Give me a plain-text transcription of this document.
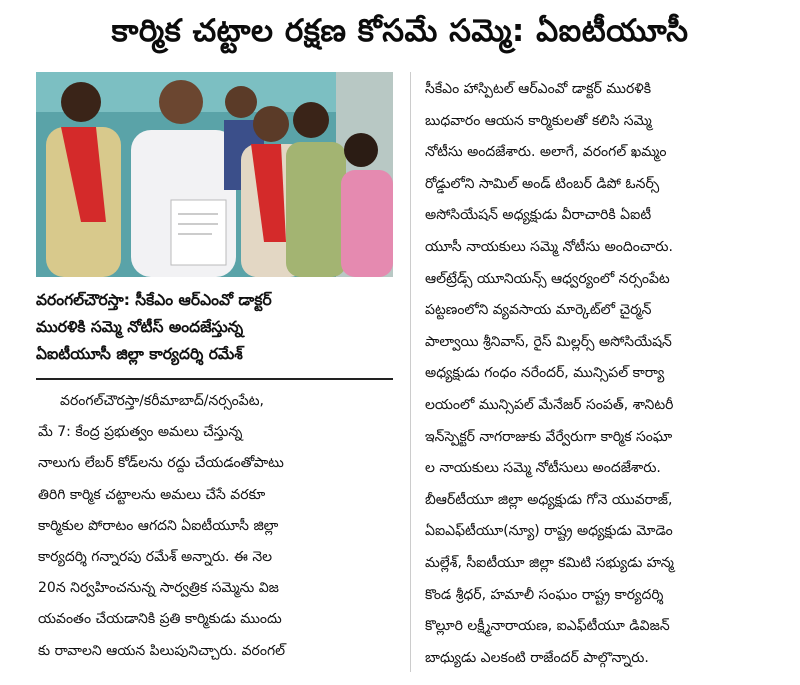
కార్మిక చట్టాల రక్షణ కోసమే సమ్మె: ఏఐటీయూసీ
వరంగల్‌చౌరస్తా: సీకేఎం ఆర్‌ఎంవో డాక్టర్
మురళికి సమ్మె నోటీస్ అందజేస్తున్న
ఏఐటీయూసీ జిల్లా కార్యదర్శి రమేశ్
వరంగల్‌చౌరస్తా/కరీమాబాద్/నర్సంపేట,
మే 7: కేంద్ర ప్రభుత్వం అమలు చేస్తున్న
నాలుగు లేబర్ కోడ్‌లను రద్దు చేయడంతోపాటు
తిరిగి కార్మిక చట్టాలను అమలు చేసే వరకూ
కార్మికుల పోరాటం ఆగదని ఏఐటీయూసీ జిల్లా
కార్యదర్శి గన్నారపు రమేశ్ అన్నారు. ఈ నెల
20న నిర్వహించనున్న సార్వత్రిక సమ్మెను విజ
యవంతం చేయడానికి ప్రతి కార్మికుడు ముందు
కు రావాలని ఆయన పిలుపునిచ్చారు. వరంగల్
సీకేఎం హాస్పిటల్ ఆర్‌ఎంవో డాక్టర్ మురళికి
బుధవారం ఆయన కార్మికులతో కలిసి సమ్మె
నోటీసు అందజేశారు. అలాగే, వరంగల్ ఖమ్మం
రోడ్డులోని సామిల్ అండ్ టింబర్ డిపో ఓనర్స్
అసోసియేషన్ అధ్యక్షుడు వీరాచారికి ఏఐటీ
యూసీ నాయకులు సమ్మె నోటీసు అందించారు.
ఆల్‌ట్రేడ్స్ యూనియన్స్ ఆధ్వర్యంలో నర్సంపేట
పట్టణంలోని వ్యవసాయ మార్కెట్‌లో చైర్మన్
పాల్వాయి శ్రీనివాస్, రైస్ మిల్లర్స్ అసోసియేషన్
అధ్యక్షుడు గంధం నరేందర్, మున్సిపల్ కార్యా
లయంలో మున్సిపల్ మేనేజర్ సంపత్, శానిటరీ
ఇన్‌స్పెక్టర్ నాగరాజుకు వేర్వేరుగా కార్మిక సంఘా
ల నాయకులు సమ్మె నోటీసులు అందజేశారు.
బీఆర్‌టీయూ జిల్లా అధ్యక్షుడు గోనె యువరాజ్,
ఏఐఎఫ్‌టీయూ(న్యూ) రాష్ట్ర అధ్యక్షుడు మోడెం
మల్లేశ్, సీఐటీయూ జిల్లా కమిటి సభ్యుడు హన్మ
కొండ శ్రీధర్, హమాలీ సంఘం రాష్ట్ర కార్యదర్శి
కొల్లూరి లక్ష్మీనారాయణ, ఐఎఫ్‌టీయూ డివిజన్
బాధ్యుడు ఎలకంటి రాజేందర్ పాల్గొన్నారు.
